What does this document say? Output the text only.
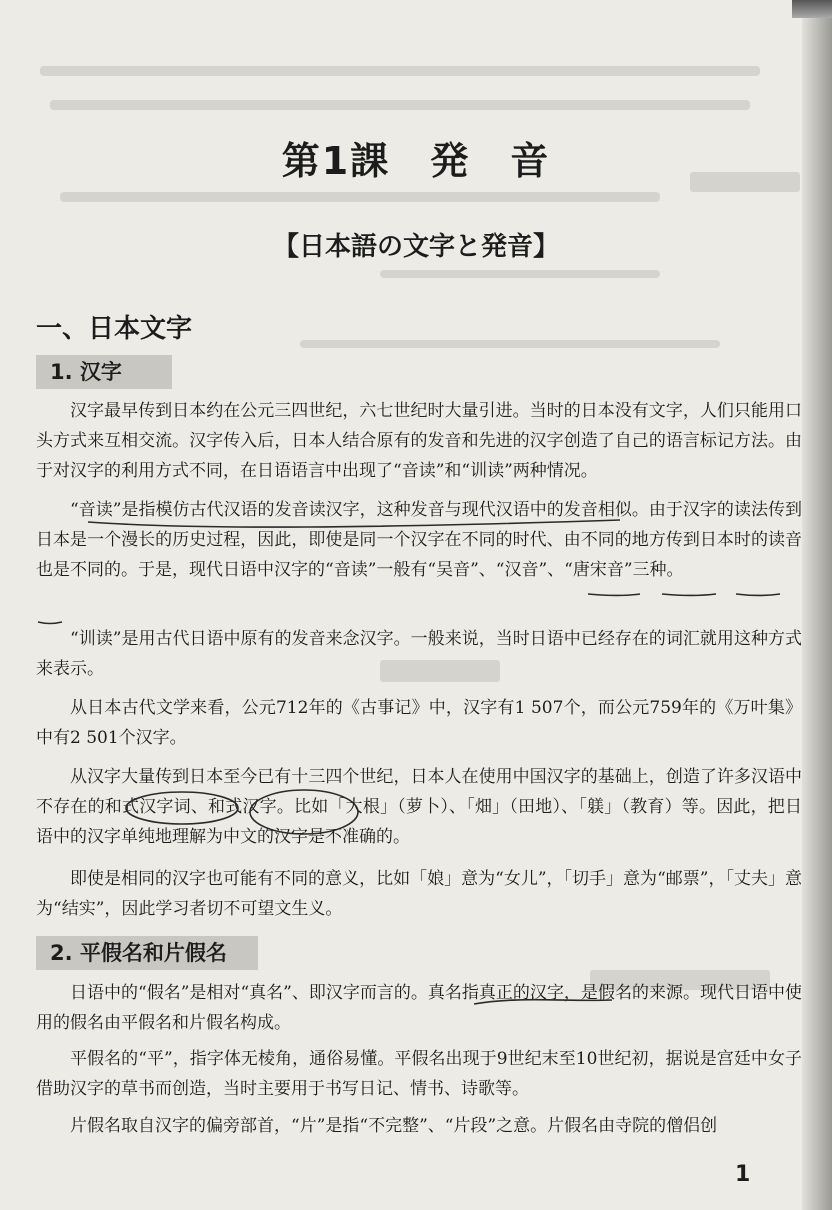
第1課　発　音
【日本語の文字と発音】
一、日本文字
1. 汉字

汉字最早传到日本约在公元三四世纪，六七世纪时大量引进。当时的日本没有文字，人们只能用口头方式来互相交流。汉字传入后，日本人结合原有的发音和先进的汉字创造了自己的语言标记方法。由于对汉字的利用方式不同，在日语语言中出现了“音读”和“训读”两种情况。

“音读”是指模仿古代汉语的发音读汉字，这种发音与现代汉语中的发音相似。由于汉字的读法传到日本是一个漫长的历史过程，因此，即使是同一个汉字在不同的时代、由不同的地方传到日本时的读音也是不同的。于是，现代日语中汉字的“音读”一般有“吴音”、“汉音”、“唐宋音”三种。

“训读”是用古代日语中原有的发音来念汉字。一般来说，当时日语中已经存在的词汇就用这种方式来表示。

从日本古代文学来看，公元712年的《古事记》中，汉字有1 507个，而公元759年的《万叶集》中有2 501个汉字。

从汉字大量传到日本至今已有十三四个世纪，日本人在使用中国汉字的基础上，创造了许多汉语中不存在的和式汉字词、和式汉字。比如「大根」（萝卜）、「畑」（田地）、「躾」（教育）等。因此，把日语中的汉字单纯地理解为中文的汉字是不准确的。

即使是相同的汉字也可能有不同的意义，比如「娘」意为“女儿”，「切手」意为“邮票”，「丈夫」意为“结实”，因此学习者切不可望文生义。

2. 平假名和片假名

日语中的“假名”是相对“真名”、即汉字而言的。真名指真正的汉字，是假名的来源。现代日语中使用的假名由平假名和片假名构成。

平假名的“平”，指字体无棱角，通俗易懂。平假名出现于9世纪末至10世纪初，据说是宫廷中女子借助汉字的草书而创造，当时主要用于书写日记、情书、诗歌等。

片假名取自汉字的偏旁部首，“片”是指“不完整”、“片段”之意。片假名由寺院的僧侣创

1
